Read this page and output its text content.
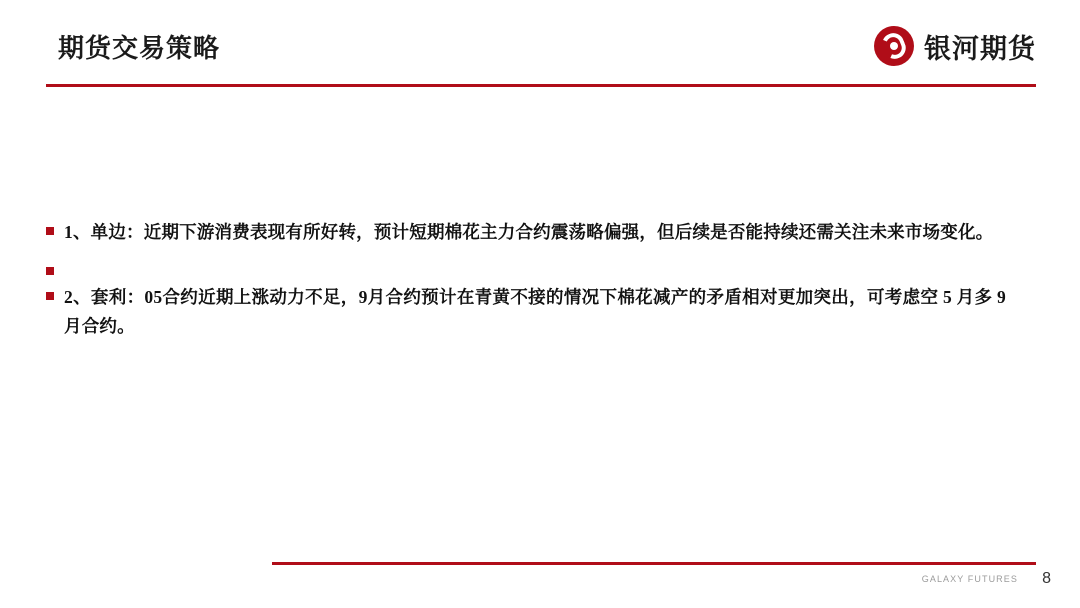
期货交易策略	银河期货
1、单边：近期下游消费表现有所好转，预计短期棉花主力合约震荡略偏强，但后续是否能持续还需关注未来市场变化。
2、套利：05合约近期上涨动力不足，9月合约预计在青黄不接的情况下棉花减产的矛盾相对更加突出，可考虑空 5 月多 9 月合约。
GALAXY FUTURES 8
